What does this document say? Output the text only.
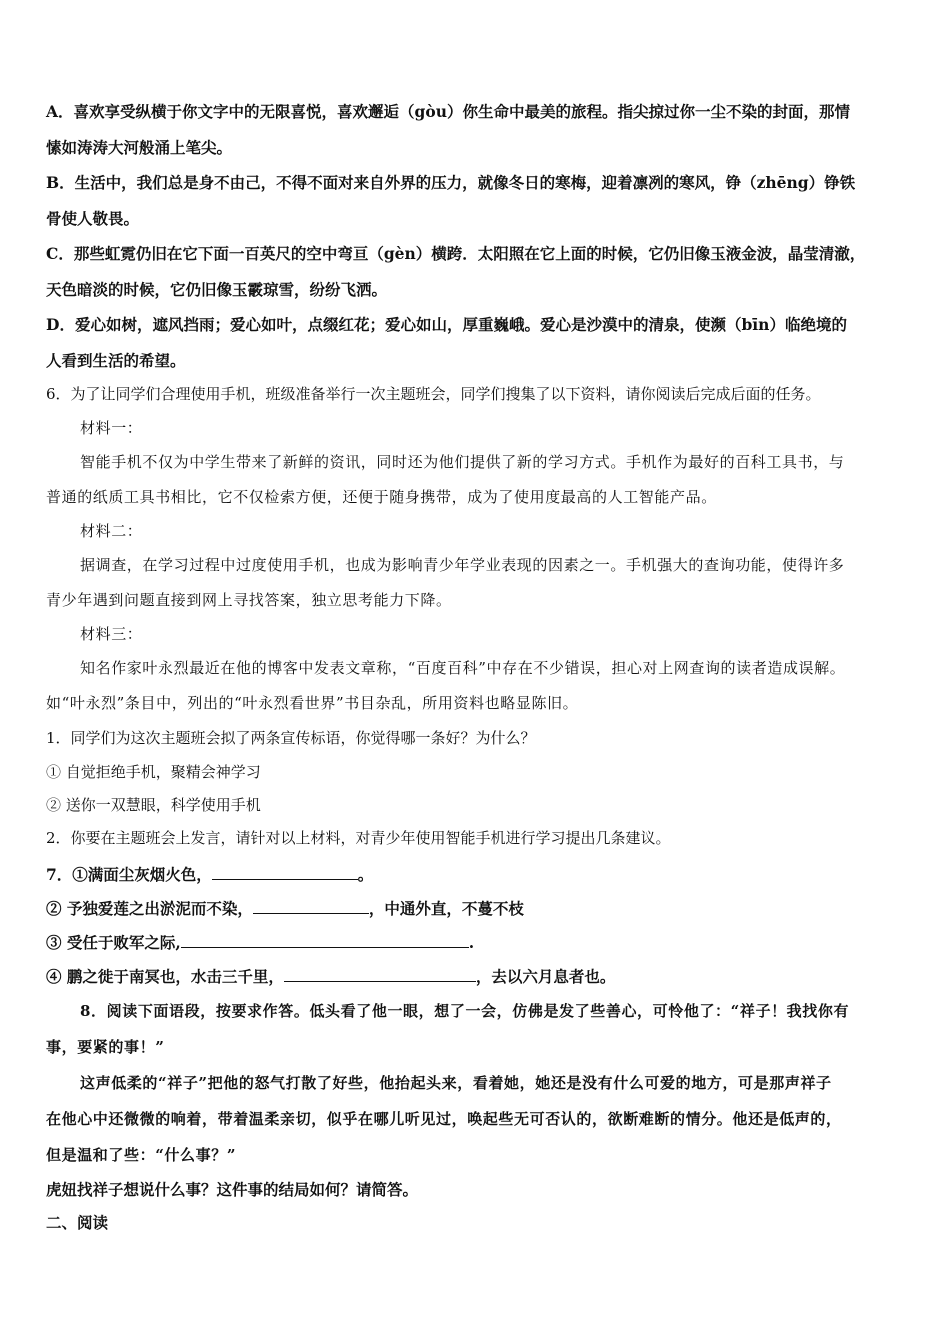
A．喜欢享受纵横于你文字中的无限喜悦，喜欢邂逅（gòu）你生命中最美的旅程。指尖掠过你一尘不染的封面，那情
愫如涛涛大河般涌上笔尖。
B．生活中，我们总是身不由己，不得不面对来自外界的压力，就像冬日的寒梅，迎着凛冽的寒风，铮（zhēng）铮铁
骨使人敬畏。
C．那些虹霓仍旧在它下面一百英尺的空中弯亘（gèn）横跨．太阳照在它上面的时候，它仍旧像玉液金波，晶莹清澈，
天色暗淡的时候，它仍旧像玉霰琼雪，纷纷飞洒。
D．爱心如树，遮风挡雨；爱心如叶，点缀红花；爱心如山，厚重巍峨。爱心是沙漠中的清泉，使濒（bīn）临绝境的
人看到生活的希望。
6．为了让同学们合理使用手机，班级准备举行一次主题班会，同学们搜集了以下资料，请你阅读后完成后面的任务。
材料一：
智能手机不仅为中学生带来了新鲜的资讯，同时还为他们提供了新的学习方式。手机作为最好的百科工具书，与
普通的纸质工具书相比，它不仅检索方便，还便于随身携带，成为了使用度最高的人工智能产品。
材料二：
据调查，在学习过程中过度使用手机，也成为影响青少年学业表现的因素之一。手机强大的查询功能，使得许多
青少年遇到问题直接到网上寻找答案，独立思考能力下降。
材料三：
知名作家叶永烈最近在他的博客中发表文章称，“百度百科”中存在不少错误，担心对上网查询的读者造成误解。
如“叶永烈”条目中，列出的“叶永烈看世界”书目杂乱，所用资料也略显陈旧。
1．同学们为这次主题班会拟了两条宣传标语，你觉得哪一条好？为什么？
① 自觉拒绝手机，聚精会神学习
② 送你一双慧眼，科学使用手机
2．你要在主题班会上发言，请针对以上材料，对青少年使用智能手机进行学习提出几条建议。
7．①满面尘灰烟火色，	。
② 予独爱莲之出淤泥而不染，	，中通外直，不蔓不枝
③ 受任于败军之际,	.
④ 鹏之徙于南冥也，水击三千里，	，去以六月息者也。
8．阅读下面语段，按要求作答。低头看了他一眼，想了一会，仿佛是发了些善心，可怜他了：“祥子！我找你有
事，要紧的事！”
这声低柔的“祥子”把他的怒气打散了好些，他抬起头来，看着她，她还是没有什么可爱的地方，可是那声祥子
在他心中还微微的响着，带着温柔亲切，似乎在哪儿听见过，唤起些无可否认的，欲断难断的情分。他还是低声的，
但是温和了些：“什么事？”
虎妞找祥子想说什么事？这件事的结局如何？请简答。
二、阅读
